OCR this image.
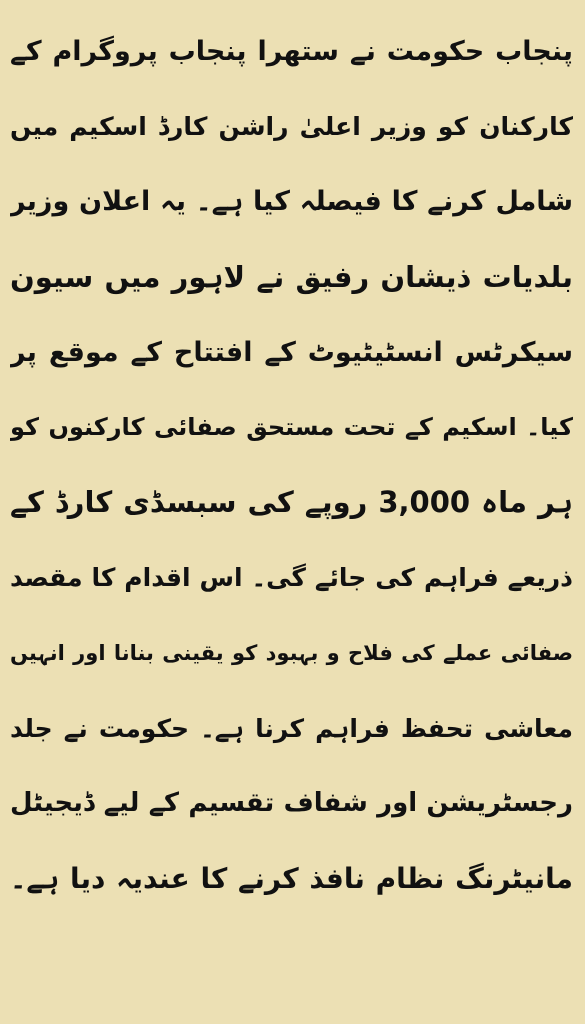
پنجاب حکومت نے ستھرا پنجاب پروگرام کے
کارکنان کو وزیر اعلیٰ راشن کارڈ اسکیم میں
شامل کرنے کا فیصلہ کیا ہے۔ یہ اعلان وزیر
بلدیات ذیشان رفیق نے لاہور میں سیون
سیکرٹس انسٹیٹیوٹ کے افتتاح کے موقع پر
کیا۔ اسکیم کے تحت مستحق صفائی کارکنوں کو
ہر ماہ 3,000 روپے کی سبسڈی کارڈ کے
ذریعے فراہم کی جائے گی۔ اس اقدام کا مقصد
صفائی عملے کی فلاح و بہبود کو یقینی بنانا اور انہیں
معاشی تحفظ فراہم کرنا ہے۔ حکومت نے جلد
رجسٹریشن اور شفاف تقسیم کے لیے ڈیجیٹل
مانیٹرنگ نظام نافذ کرنے کا عندیہ دیا ہے۔
